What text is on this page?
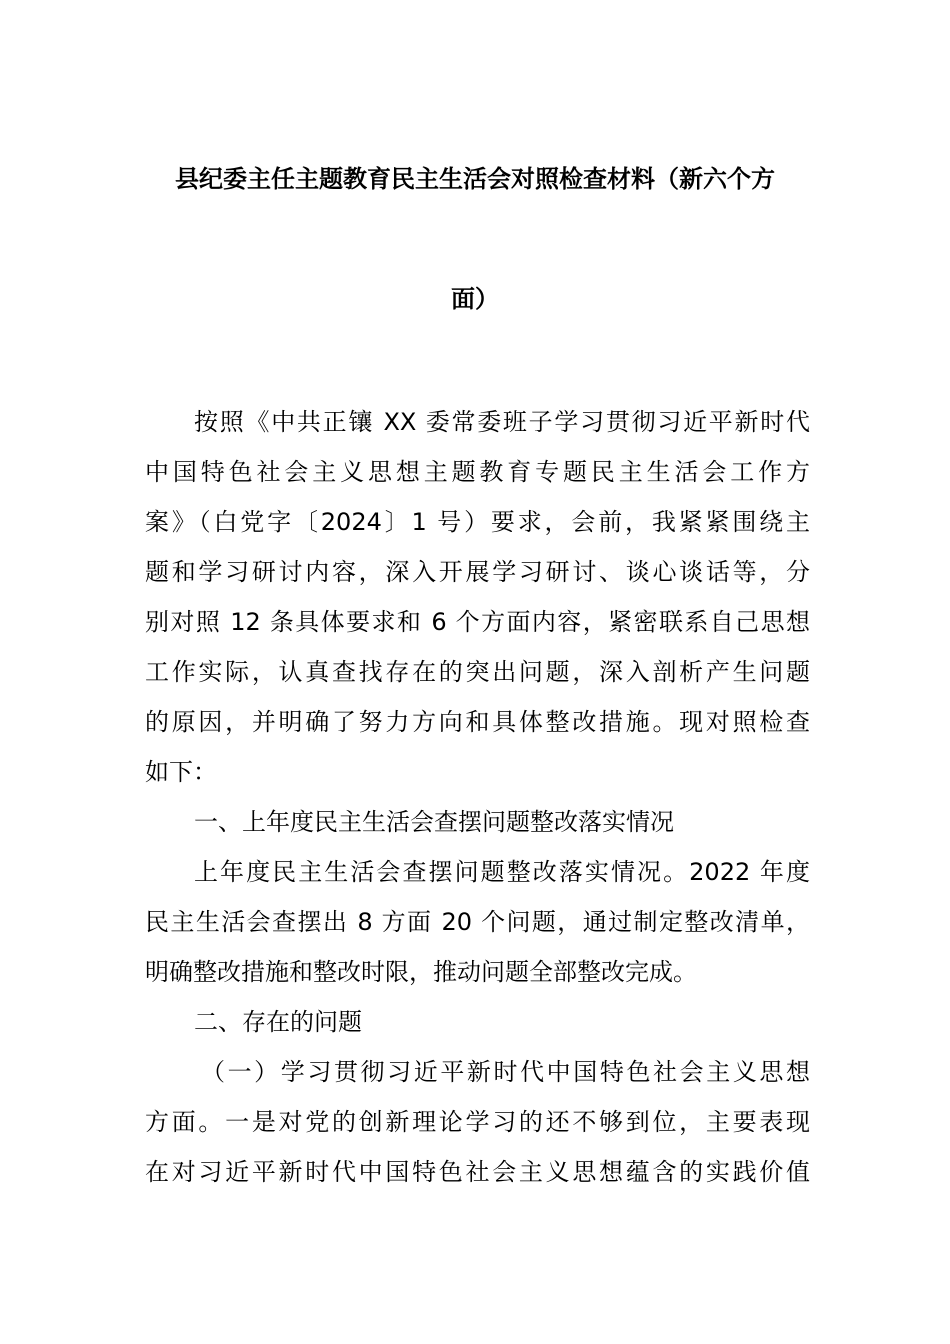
县纪委主任主题教育民主生活会对照检查材料（新六个方
面）
按照《中共正镶 XX 委常委班子学习贯彻习近平新时代
中国特色社会主义思想主题教育专题民主生活会工作方
案》（白党字〔2024〕1 号）要求，会前，我紧紧围绕主
题和学习研讨内容，深入开展学习研讨、谈心谈话等，分
别对照 12 条具体要求和 6 个方面内容，紧密联系自己思想
工作实际，认真查找存在的突出问题，深入剖析产生问题
的原因，并明确了努力方向和具体整改措施。现对照检查
如下：
一、上年度民主生活会查摆问题整改落实情况
上年度民主生活会查摆问题整改落实情况。2022 年度
民主生活会查摆出 8 方面 20 个问题，通过制定整改清单，
明确整改措施和整改时限，推动问题全部整改完成。
二、存在的问题
（一）学习贯彻习近平新时代中国特色社会主义思想
方面。一是对党的创新理论学习的还不够到位，主要表现
在对习近平新时代中国特色社会主义思想蕴含的实践价值
